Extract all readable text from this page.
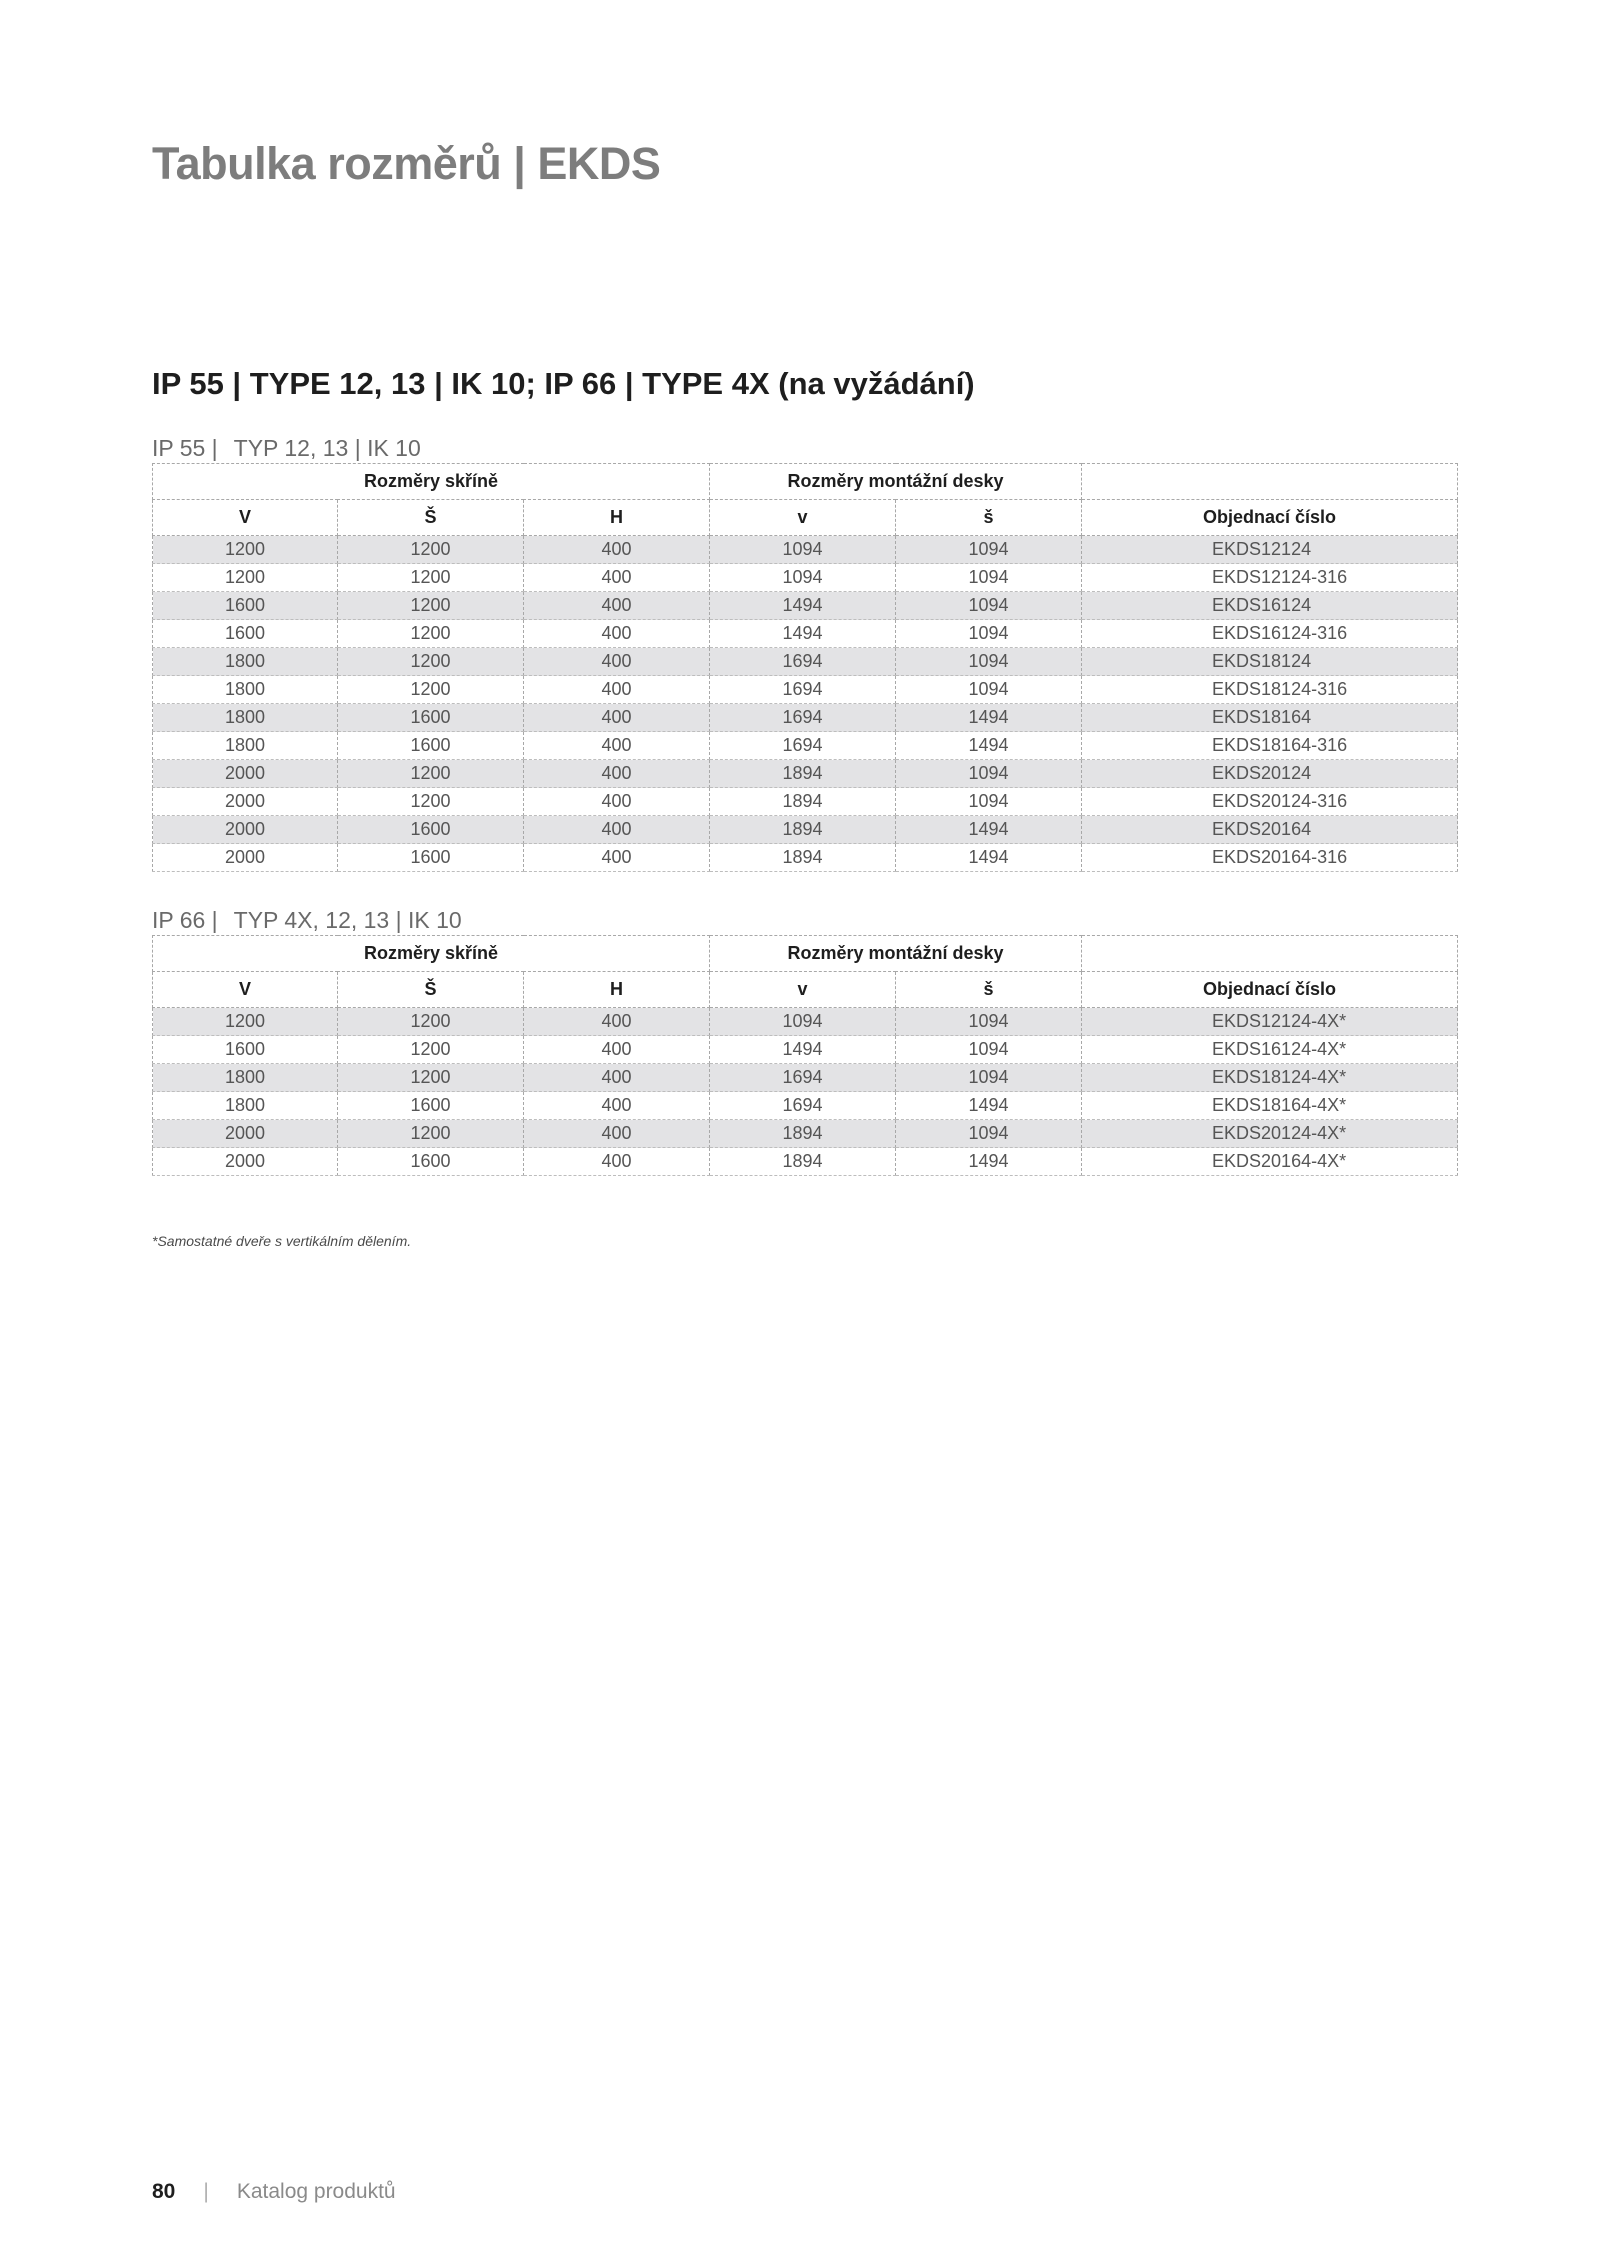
Tabulka rozměrů | EKDS
IP 55 | TYPE 12, 13 | IK 10; IP 66 | TYPE 4X (na vyžádání)
IP 55 | TYP 12, 13 | IK 10
Rozměry skříně			Rozměry montážní desky		
V	Š	H	v	š	Objednací číslo
1200	1200	400	1094	1094	EKDS12124
1200	1200	400	1094	1094	EKDS12124-316
1600	1200	400	1494	1094	EKDS16124
1600	1200	400	1494	1094	EKDS16124-316
1800	1200	400	1694	1094	EKDS18124
1800	1200	400	1694	1094	EKDS18124-316
1800	1600	400	1694	1494	EKDS18164
1800	1600	400	1694	1494	EKDS18164-316
2000	1200	400	1894	1094	EKDS20124
2000	1200	400	1894	1094	EKDS20124-316
2000	1600	400	1894	1494	EKDS20164
2000	1600	400	1894	1494	EKDS20164-316
IP 66 | TYP 4X, 12, 13 | IK 10
Rozměry skříně			Rozměry montážní desky		
V	Š	H	v	š	Objednací číslo
1200	1200	400	1094	1094	EKDS12124-4X*
1600	1200	400	1494	1094	EKDS16124-4X*
1800	1200	400	1694	1094	EKDS18124-4X*
1800	1600	400	1694	1494	EKDS18164-4X*
2000	1200	400	1894	1094	EKDS20124-4X*
2000	1600	400	1894	1494	EKDS20164-4X*

*Samostatné dveře s vertikálním dělením.

80 | Katalog produktů
